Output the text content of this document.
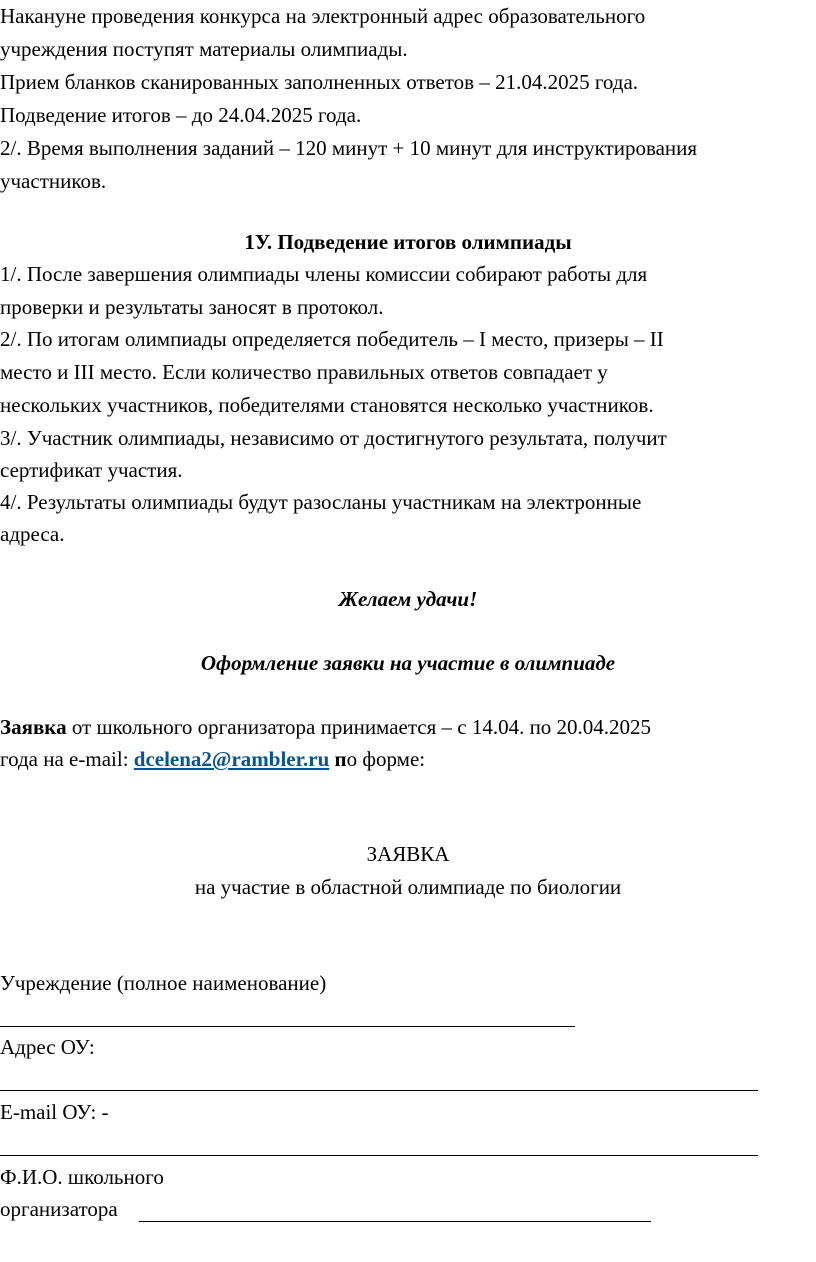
Накануне проведения конкурса на электронный адрес образовательного
учреждения поступят материалы олимпиады.
Прием бланков сканированных заполненных ответов – 21.04.2025 года.
Подведение итогов – до 24.04.2025 года.
2/. Время выполнения заданий – 120 минут + 10 минут для инструктирования
участников.
1У. Подведение итогов олимпиады
1/. После завершения олимпиады члены комиссии собирают работы для
проверки и результаты заносят в протокол.
2/. По итогам олимпиады определяется победитель – I место, призеры – II
место и III место. Если количество правильных ответов совпадает у
нескольких участников, победителями становятся несколько участников.
3/. Участник олимпиады, независимо от достигнутого результата, получит
сертификат участия.
4/. Результаты олимпиады будут разосланы участникам на электронные
адреса.
Желаем удачи!
Оформление заявки на участие в олимпиаде
Заявка от школьного организатора принимается – с 14.04. по 20.04.2025
года на e-mail: dcelena2@rambler.ru по форме:
ЗАЯВКА
на участие в областной олимпиаде по биологии
Учреждение (полное наименование)
Адрес ОУ:
E-mail ОУ: -
Ф.И.О. школьного
организатора
